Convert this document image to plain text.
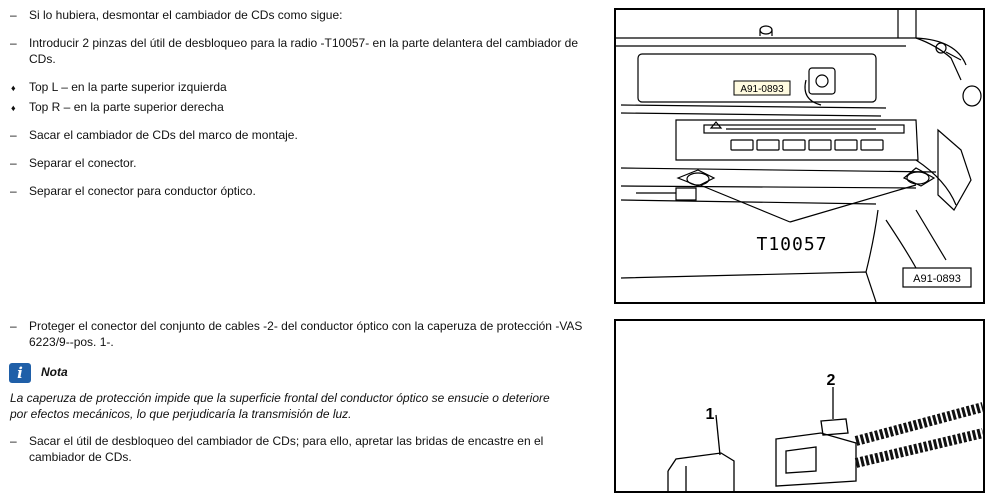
–
Si lo hubiera, desmontar el cambiador de CDs como sigue:
–
Introducir 2 pinzas del útil de desbloqueo para la radio -T10057- en la parte delantera del cambiador de CDs.
♦
Top L – en la parte superior izquierda
♦
Top R – en la parte superior derecha
–
Sacar el cambiador de CDs del marco de montaje.
–
Separar el conector.
–
Separar el conector para conductor óptico.
–
Proteger el conector del conjunto de cables -2- del conductor óptico con la caperuza de protección -VAS 6223/9--pos. 1-.
i	Nota
La caperuza de protección impide que la superficie frontal del conductor óptico se ensucie o deteriore por efectos mecánicos, lo que perjudicaría la transmisión de luz.
–
Sacar el útil de desbloqueo del cambiador de CDs; para ello, apretar las bridas de encastre en el cambiador de CDs.
A91-0893
T10057
A91-0893
1
2
